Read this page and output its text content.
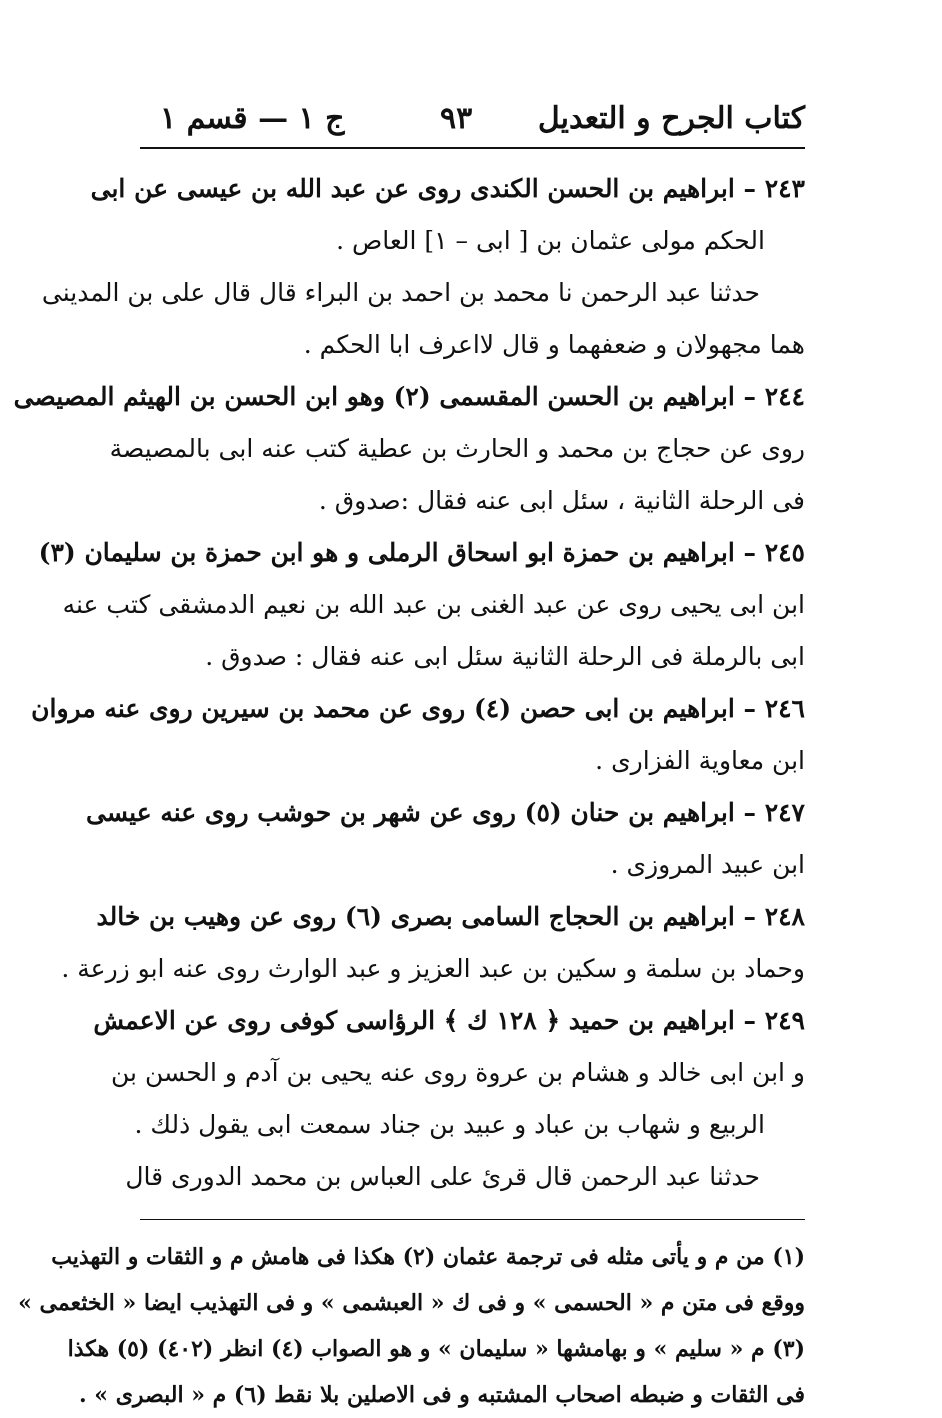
كتاب الجرح و التعديل
٩٣
ج ١ — قسم ١
٢٤٣ – ابراهيم بن الحسن الكندى روى عن عبد الله بن عيسى عن ابى
الحكم مولى عثمان بن [ ابى – ١] العاص .
حدثنا عبد الرحمن نا محمد بن احمد بن البراء قال قال على بن المدينى
هما مجهولان و ضعفهما و قال لااعرف ابا الحكم .
٢٤٤ – ابراهيم بن الحسن المقسمى (٢) وهو ابن الحسن بن الهيثم المصيصى
روى عن حجاج بن محمد و الحارث بن عطية كتب عنه ابى بالمصيصة
فى الرحلة الثانية ، سئل ابى عنه فقال :صدوق .
٢٤٥ – ابراهيم بن حمزة ابو اسحاق الرملى و هو ابن حمزة بن سليمان (٣)
ابن ابى يحيى روى عن عبد الغنى بن عبد الله بن نعيم الدمشقى كتب عنه
ابى بالرملة فى الرحلة الثانية سئل ابى عنه فقال : صدوق .
٢٤٦ – ابراهيم بن ابى حصن (٤) روى عن محمد بن سيرين روى عنه مروان
ابن معاوية الفزارى .
٢٤٧ – ابراهيم بن حنان (٥) روى عن شهر بن حوشب روى عنه عيسى
ابن عبيد المروزى .
٢٤٨ – ابراهيم بن الحجاج السامى بصرى (٦) روى عن وهيب بن خالد
وحماد بن سلمة و سكين بن عبد العزيز و عبد الوارث روى عنه ابو زرعة .
٢٤٩ – ابراهيم بن حميد ﴿ ١٢٨ ك ﴾ الرؤاسى كوفى روى عن الاعمش
و ابن ابى خالد و هشام بن عروة روى عنه يحيى بن آدم و الحسن بن
الربيع و شهاب بن عباد و عبيد بن جناد سمعت ابى يقول ذلك .
حدثنا عبد الرحمن قال قرئ على العباس بن محمد الدورى قال
(١) من م و يأتى مثله فى ترجمة عثمان (٢) هكذا فى هامش م و الثقات و التهذيب
ووقع فى متن م « الحسمى » و فى ك « العبشمى » و فى التهذيب ايضا « الخثعمى »
(٣) م « سليم » و بهامشها « سليمان » و هو الصواب (٤) انظر (٤٠٢) (٥) هكذا
فى الثقات و ضبطه اصحاب المشتبه و فى الاصلين بلا نقط (٦) م « البصرى » .
